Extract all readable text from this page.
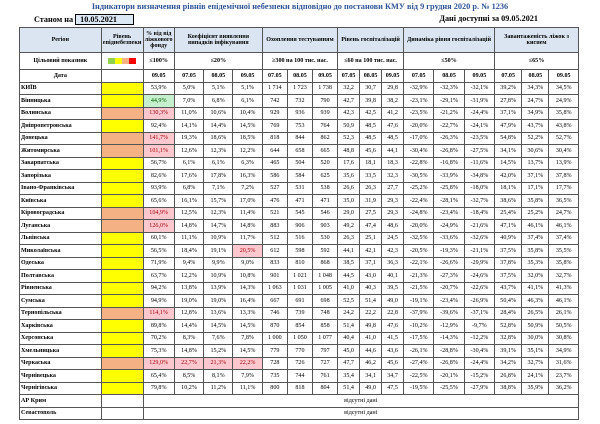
Індикатори визначення рівнів епідемічної небезпеки відповідно до постанови КМУ від 9 грудня 2020 р. № 1236
Станом на 10.05.2021	Дані доступні за 09.05.2021
Регіон	Рівень епіднебезпеки	% від від ліжкового фонду	Коефіцієнт виявлення випадків інфікування			Охоплення тестуванням			Рівень госпіталізацій			Динаміка рівня госпіталізацій			Завантаженість ліжок з киснем		
Цільовий показник		≤100%	≤20%			≥300 на 100 тис. нас.			≤60 на 100 тис. нас.			≤50%			≤65%		
Дата		09.05	07.05	08.05	09.05	07.05	08.05	09.05	07.05	08.05	09.05	07.05	08.05	09.05	07.05	08.05	09.05
КИЇВ		53,9%	5,0%	5,1%	5,1%	1 714	1 723	1 738	32,2	30,7	29,8	-32,9%	-32,3%	-32,1%	39,2%	34,3%	34,5%
Вінницька		44,9%	7,0%	6,8%	6,1%	742	732	790	42,7	39,8	38,2	-23,1%	-29,1%	-31,9%	27,8%	24,7%	24,9%
Волинська		130,3%	11,0%	10,6%	10,4%	929	936	939	42,3	42,5	41,2	-23,5%	-21,2%	-24,4%	37,1%	34,9%	35,8%
Дніпропетровська		92,4%	14,1%	14,4%	14,5%	769	753	764	50,9	48,5	47,6	-20,0%	-22,7%	-24,1%	47,9%	43,7%	43,8%
Донецька		141,7%	19,3%	18,6%	18,5%	818	844	862	52,3	48,5	48,5	-17,0%	-26,3%	-23,5%	54,8%	52,2%	52,7%
Житомирська		101,1%	12,6%	12,3%	12,2%	644	658	665	48,8	45,6	44,1	-30,4%	-26,8%	-27,5%	34,1%	30,6%	30,4%
Закарпатська		56,7%	6,1%	6,1%	6,3%	465	504	520	17,6	18,1	18,3	-22,8%	-16,8%	-11,6%	14,5%	13,7%	13,9%
Запорізька		82,6%	17,6%	17,8%	16,3%	586	584	625	35,6	33,5	32,3	-30,5%	-33,9%	-34,8%	42,0%	37,1%	37,8%
Івано-Франківська		93,9%	6,8%	7,1%	7,2%	527	531	538	26,6	26,3	27,7	-25,2%	-25,8%	-18,0%	18,1%	17,1%	17,7%
Київська		65,6%	16,1%	15,7%	17,0%	476	471	471	35,0	31,9	29,3	-22,4%	-28,1%	-32,7%	38,6%	35,8%	36,5%
Кіровоградська		104,9%	12,5%	12,3%	11,4%	521	545	546	29,0	27,5	29,3	-24,8%	-23,4%	-18,4%	25,4%	25,2%	24,7%
Луганська		126,0%	14,8%	14,7%	14,8%	883	906	903	49,2	47,4	48,6	-20,0%	-24,9%	-21,6%	47,1%	46,1%	46,1%
Львівська		60,1%	11,1%	10,9%	11,7%	512	516	530	26,3	25,1	24,5	-32,5%	-33,6%	-32,6%	40,9%	37,4%	37,4%
Миколаївська		56,5%	18,4%	19,1%	20,5%	612	598	592	44,1	42,1	42,3	-20,5%	-19,3%	-21,1%	37,5%	35,8%	35,5%
Одеська		71,9%	9,4%	9,9%	9,0%	833	810	868	38,5	37,1	36,3	-22,1%	-26,6%	-29,9%	37,8%	35,3%	35,8%
Полтавська		63,7%	12,2%	10,9%	10,8%	901	1 021	1 048	44,5	43,0	40,1	-21,3%	-27,3%	-24,6%	37,5%	32,0%	32,7%
Рівненська		94,2%	13,8%	13,9%	14,3%	1 063	1 031	1 005	41,0	40,3	39,5	-21,5%	-20,7%	-22,6%	43,7%	41,1%	41,3%
Сумська		94,9%	19,0%	19,0%	16,4%	667	691	698	52,5	51,4	49,0	-19,1%	-23,4%	-26,9%	50,4%	46,3%	46,1%
Тернопільська		114,1%	12,8%	13,6%	13,3%	746	739	748	24,2	22,2	22,8	-37,9%	-39,6%	-37,1%	28,4%	26,5%	26,1%
Харківська		89,8%	14,4%	14,5%	14,5%	870	854	858	51,4	49,8	47,6	-10,2%	-12,9%	-9,7%	52,8%	50,9%	50,5%
Херсонська		70,2%	8,3%	7,6%	7,8%	1 000	1 050	1 077	40,4	41,0	41,5	-17,5%	-14,3%	-12,2%	32,8%	30,0%	30,8%
Хмельницька		75,3%	14,8%	15,2%	14,5%	779	770	797	45,0	44,6	43,6	-26,1%	-28,8%	-30,4%	39,1%	35,1%	34,9%
Черкаська		129,0%	22,7%	21,3%	22,2%	728	726	727	47,7	46,2	45,6	-27,4%	-26,8%	-24,4%	34,2%	32,7%	31,6%
Чернівецька		65,4%	8,5%	8,1%	7,9%	735	744	761	35,4	34,1	34,7	-22,5%	-20,1%	-15,2%	26,8%	24,1%	23,7%
Чернігівська		79,8%	10,2%	11,2%	11,1%	800	818	804	51,4	49,0	47,5	-19,5%	-25,5%	-27,9%	38,8%	35,9%	36,2%
АР Крим		відсутні дані															
Севастополь		відсутні дані															
